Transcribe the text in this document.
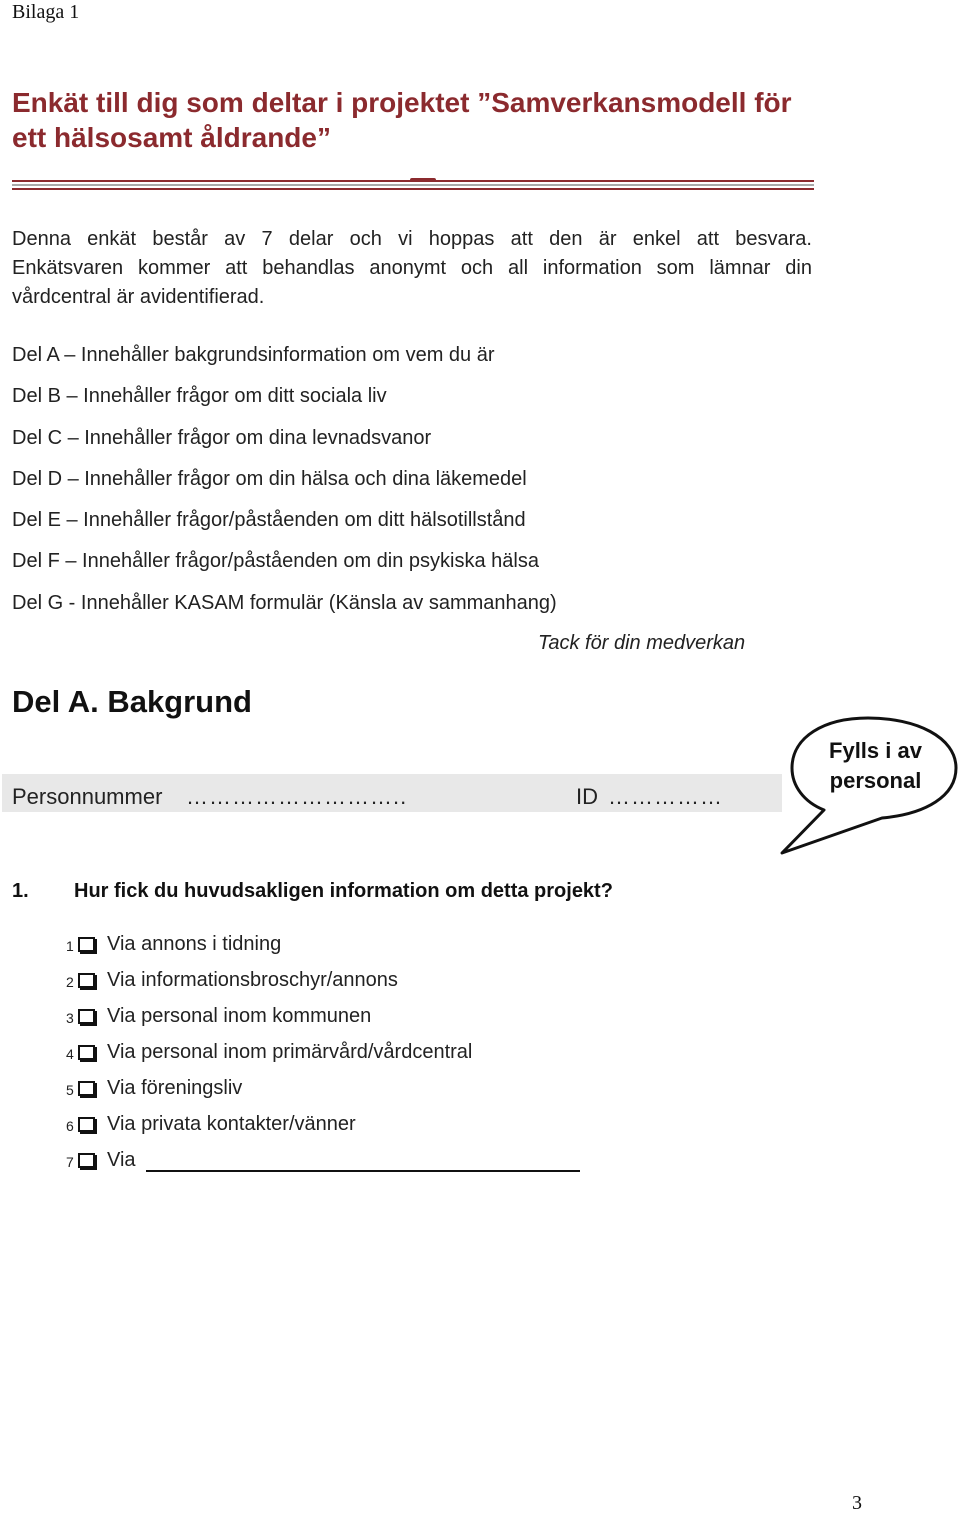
Bilaga 1
Enkät till dig som deltar i projektet ”Samverkansmodell för
ett hälsosamt åldrande”

Denna enkät består av 7 delar och vi hoppas att den är enkel att besvara.
Enkätsvaren kommer att behandlas anonymt och all information som lämnar din
vårdcentral är avidentifierad.

Del A – Innehåller bakgrundsinformation om vem du är
Del B – Innehåller frågor om ditt sociala liv
Del C – Innehåller frågor om dina levnadsvanor
Del D – Innehåller frågor om din hälsa och dina läkemedel
Del E – Innehåller frågor/påståenden om ditt hälsotillstånd
Del F – Innehåller frågor/påståenden om din psykiska hälsa
Del G - Innehåller KASAM formulär (Känsla av sammanhang)
Tack för din medverkan
Del A. Bakgrund
Personnummer ………………………..	ID ……………
Fylls i av
personal
1. Hur fick du huvudsakligen information om detta projekt?
1 Via annons i tidning
2 Via informationsbroschyr/annons
3 Via personal inom kommunen
4 Via personal inom primärvård/vårdcentral
5 Via föreningsliv
6 Via privata kontakter/vänner
7 Via
3
